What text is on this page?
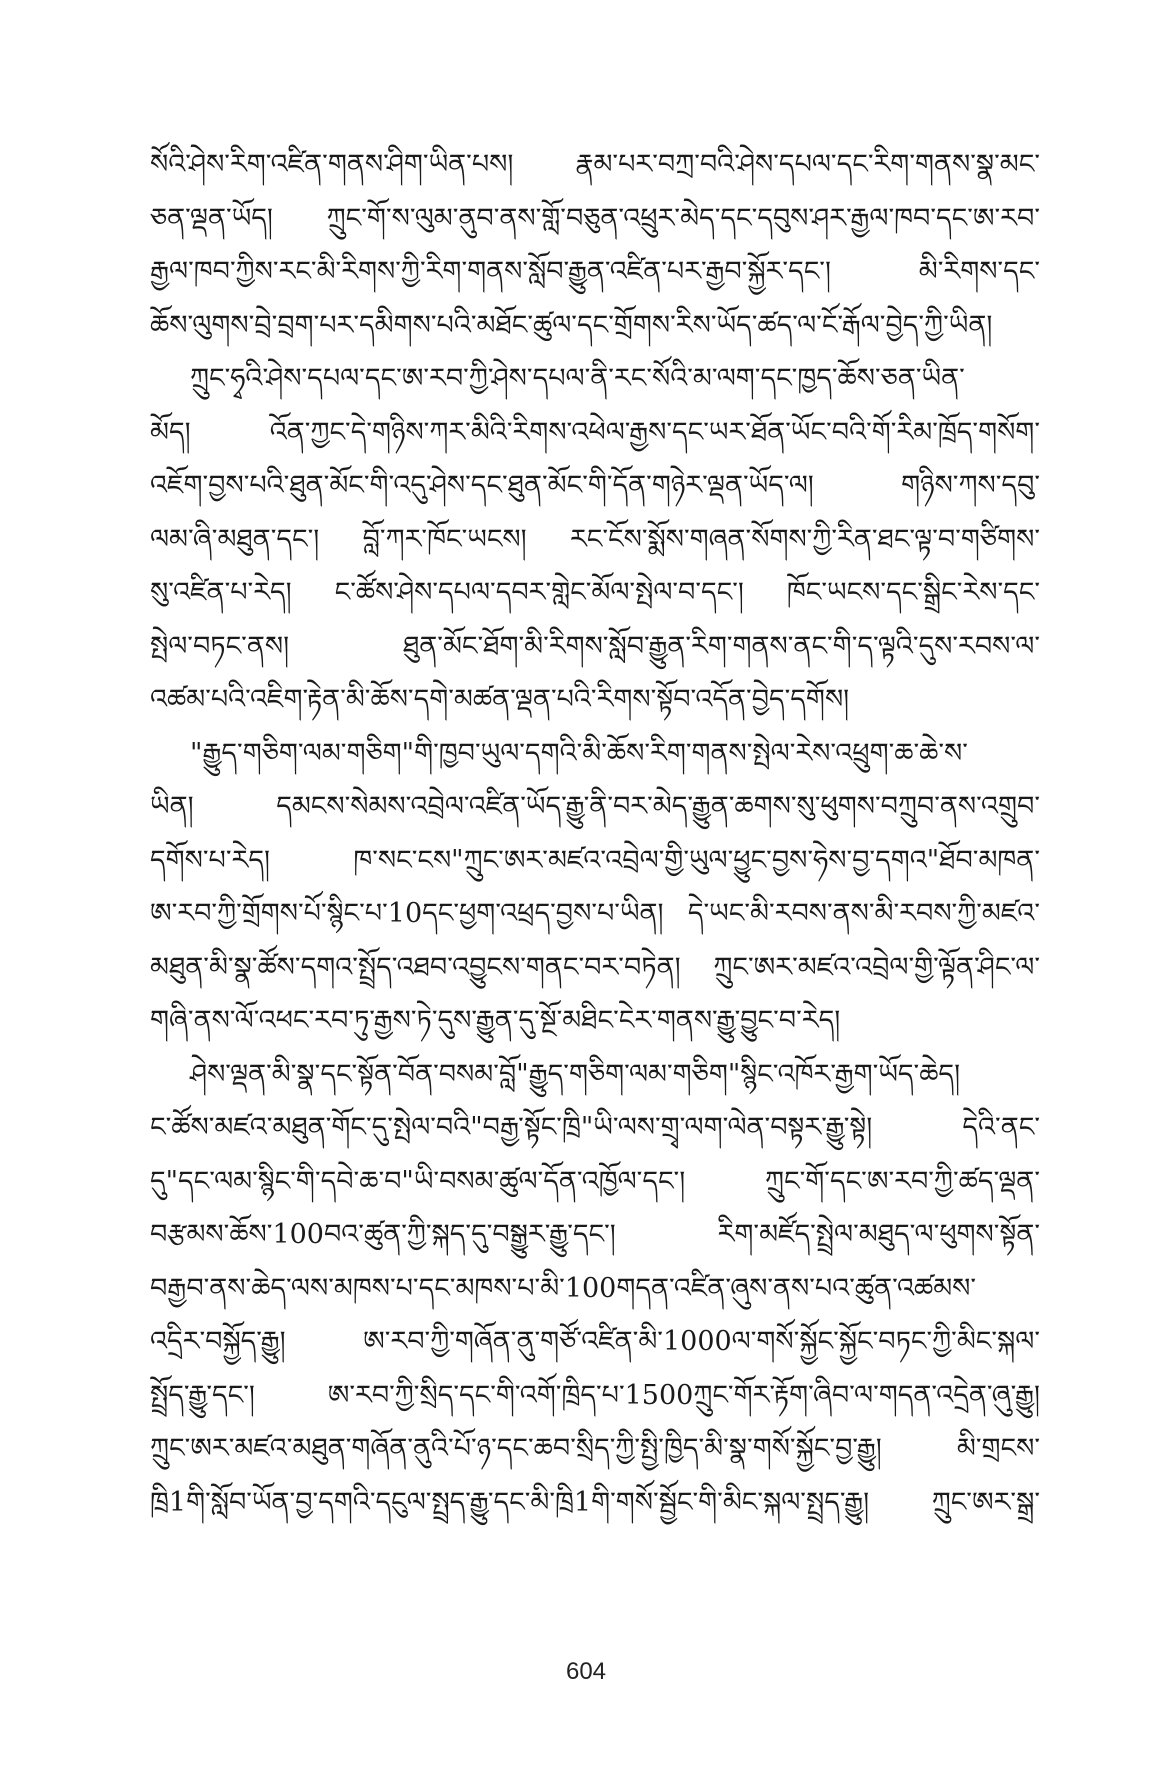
སོའི་ཤེས་རིག་འཛིན་གནས་ཤིག་ཡིན་པས། རྣམ་པར་བཀྲ་བའི་ཤེས་དཔལ་དང་རིག་གནས་སྣ་མང་
ཅན་ལྡན་ཡོད། ཀྲུང་གོ་ས་ལུམ་ནུབ་ནས་གློ་བཅུན་འཕྲུར་མེད་དང་དབུས་ཤར་རྒྱལ་ཁབ་དང་ཨ་རབ་
རྒྱལ་ཁབ་ཀྱིས་རང་མི་རིགས་ཀྱི་རིག་གནས་སློབ་རྒྱུན་འཛིན་པར་རྒྱབ་སྐྱོར་དང་། མི་རིགས་དང་
ཆོས་ལུགས་བྲེ་བྲག་པར་དམིགས་པའི་མཐོང་ཚུལ་དང་གྲོགས་རིས་ཡོད་ཚད་ལ་ངོ་རྒོལ་བྱེད་ཀྱི་ཡིན།
ཀྲུང་ཧྭའི་ཤེས་དཔལ་དང་ཨ་རབ་ཀྱི་ཤེས་དཔལ་ནི་རང་སོའི་མ་ལག་དང་ཁྱད་ཆོས་ཅན་ཡིན་
མོད། འོན་ཀྱང་དེ་གཉིས་ཀར་མིའི་རིགས་འཕེལ་རྒྱས་དང་ཡར་ཐོན་ཡོང་བའི་གོ་རིམ་ཁྲོད་གསོག་
འཇོག་བྱས་པའི་ཐུན་མོང་གི་འདུ་ཤེས་དང་ཐུན་མོང་གི་དོན་གཉེར་ལྡན་ཡོད་ལ། གཉིས་ཀས་དབུ་
ལམ་ཞི་མཐུན་དང་། བློ་ཀར་ཁོང་ཡངས། རང་ངོས་སྨོས་གཞན་སོགས་ཀྱི་རིན་ཐང་ལྟ་བ་གཙིགས་
སུ་འཛིན་པ་རེད། ང་ཚོས་ཤེས་དཔལ་དབར་གླེང་མོལ་སྤེལ་བ་དང་། ཁོང་ཡངས་དང་སྒྲིང་རེས་དང་
སྤེལ་བཏང་ནས། ཐུན་མོང་ཐོག་མི་རིགས་སློབ་རྒྱུན་རིག་གནས་ནང་གི་ད་ལྟའི་དུས་རབས་ལ་
འཚམ་པའི་འཇིག་རྟེན་མི་ཆོས་དགེ་མཚན་ལྡན་པའི་རིགས་སྟོབ་འདོན་བྱེད་དགོས།
"རྒྱུད་གཅིག་ལམ་གཅིག"གི་ཁྱབ་ཡུལ་དགའི་མི་ཆོས་རིག་གནས་སྤེལ་རེས་འཕྲུག་ཆ་ཆེ་ས་
ཡིན། དམངས་སེམས་འབྲེལ་འཛིན་ཡོད་རྒྱུ་ནི་བར་མེད་རྒྱུན་ཆགས་སུ་ཕུགས་བཀྲུབ་ནས་འགྲུབ་
དགོས་པ་རེད། ཁ་སང་ངས"ཀྲུང་ཨར་མཛའ་འབྲེལ་གྱི་ཡུལ་ཕྱུང་བྱས་ཧེས་བྱ་དགའ"ཐོབ་མཁན་
ཨ་རབ་ཀྱི་གྲོགས་པོ་སྙིང་པ་10དང་ཕྱག་འཕྲད་བྱས་པ་ཡིན། དེ་ཡང་མི་རབས་ནས་མི་རབས་ཀྱི་མཛའ་
མཐུན་མི་སྣ་ཚོས་དགའ་སྤྲོད་འཐབ་འབྱུངས་གནང་བར་བཏེན། ཀྲུང་ཨར་མཛའ་འབྲེལ་གྱི་ལྟོན་ཤིང་ལ་
གཞི་ནས་ལོ་འཕང་རབ་ཏུ་རྒྱས་ཏེ་དུས་རྒྱུན་དུ་སྔོ་མཐིང་ངེར་གནས་རྒྱུ་བྱུང་བ་རེད།
ཤེས་ལྡན་མི་སྣ་དང་སྟོན་བོན་བསམ་བློ"རྒྱུད་གཅིག་ལམ་གཅིག"སྙིང་འཁོར་རྒྱག་ཡོད་ཆེད།
ང་ཚོས་མཛའ་མཐུན་གོང་དུ་སྤེལ་བའི"བརྒྱ་སྟོང་ཁྲི"ཡི་ལས་གྲྭ་ལག་ལེན་བསྟར་རྒྱུ་སྟེ། དེའི་ནང་
དུ"དང་ལམ་སྙིང་གི་དབེ་ཆ་བ"ཡི་བསམ་ཚུལ་དོན་འཁྱོལ་དང་། ཀྲུང་གོ་དང་ཨ་རབ་ཀྱི་ཚད་ལྡན་
བརྩམས་ཆོས་100བའ་ཚུན་ཀྱི་སྐད་དུ་བསྒྱུར་རྒྱུ་དང་། རིག་མཛོད་སྤྲེལ་མཐུད་ལ་ཕུགས་སྟོན་
བརྒྱབ་ནས་ཆེད་ལས་མཁས་པ་དང་མཁས་པ་མི་100གདན་འཛིན་ཞུས་ནས་པའ་ཚུན་འཚམས་
འདྲིར་བསྐྱོད་རྒྱུ། ཨ་རབ་ཀྱི་གཞོན་ནུ་གཙོ་འཛིན་མི་1000ལ་གསོ་སྐྱོང་སྐྱོང་བཏང་ཀྱི་མིང་སྐལ་
སྤྲོད་རྒྱུ་དང་། ཨ་རབ་ཀྱི་སྲིད་དང་གི་འགོ་ཁྲིད་པ་1500ཀྲུང་གོར་རྟོག་ཞིབ་ལ་གདན་འདྲེན་ཞུ་རྒྱུ།
ཀྲུང་ཨར་མཛའ་མཐུན་གཞོན་ནུའི་པོ་ཉ་དང་ཆབ་སྲིད་ཀྱི་སྤྱི་ཁྱིད་མི་སྣ་གསོ་སྐྱོང་བྱ་རྒྱུ། མི་གྲངས་
ཁྲི1གི་སློབ་ཡོན་བྱ་དགའི་དངུལ་སྤྲད་རྒྱུ་དང་མི་ཁྲི1གི་གསོ་སྦྱོང་གི་མིང་སྐལ་སྤྲད་རྒྱུ། ཀྲུང་ཨར་སྒྲ་
604
